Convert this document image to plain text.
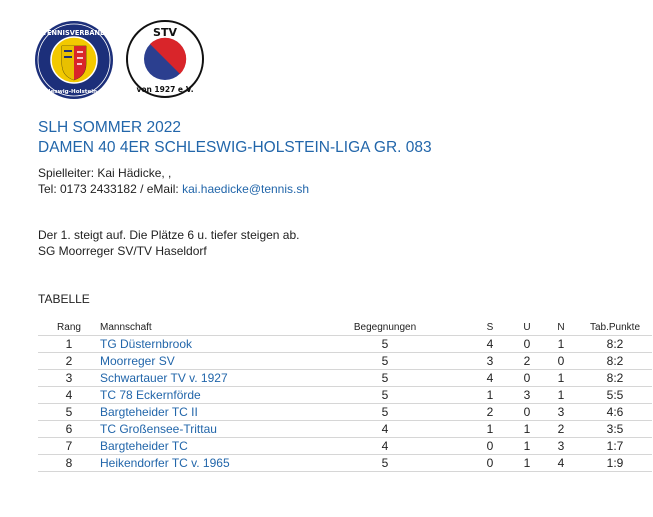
TENNISVERBAND
Schleswig-Holstein e.V.
STV
von 1927 e.V.
SLH SOMMER 2022
DAMEN 40 4ER SCHLESWIG-HOLSTEIN-LIGA GR. 083
Spielleiter: Kai Hädicke, ,
Tel: 0173 2433182 / eMail: kai.haedicke@tennis.sh
Der 1. steigt auf. Die Plätze 6 u. tiefer steigen ab.
SG Moorreger SV/TV Haseldorf
TABELLE
Rang	Mannschaft	Begegnungen	S	U	N	Tab.Punkte
1	TG Düsternbrook	5	4	0	1	8:2
2	Moorreger SV	5	3	2	0	8:2
3	Schwartauer TV v. 1927	5	4	0	1	8:2
4	TC 78 Eckernförde	5	1	3	1	5:5
5	Bargteheider TC II	5	2	0	3	4:6
6	TC Großensee-Trittau	4	1	1	2	3:5
7	Bargteheider TC	4	0	1	3	1:7
8	Heikendorfer TC v. 1965	5	0	1	4	1:9
